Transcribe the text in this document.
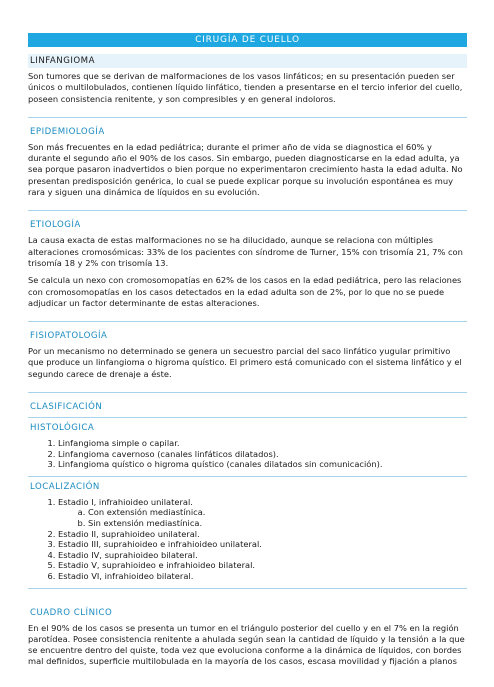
CIRUGÍA DE CUELLO
LINFANGIOMA

Son tumores que se derivan de malformaciones de los vasos linfáticos; en su presentación pueden ser únicos o multilobulados, contienen líquido linfático, tienden a presentarse en el tercio inferior del cuello, poseen consistencia renitente, y son compresibles y en general indoloros.

EPIDEMIOLOGÍA

Son más frecuentes en la edad pediátrica; durante el primer año de vida se diagnostica el 60% y durante el segundo año el 90% de los casos. Sin embargo, pueden diagnosticarse en la edad adulta, ya sea porque pasaron inadvertidos o bien porque no experimentaron crecimiento hasta la edad adulta. No presentan predisposición genérica, lo cual se puede explicar porque su involución espontánea es muy rara y siguen una dinámica de líquidos en su evolución.

ETIOLOGÍA

La causa exacta de estas malformaciones no se ha dilucidado, aunque se relaciona con múltiples alteraciones cromosómicas: 33% de los pacientes con síndrome de Turner, 15% con trisomía 21, 7% con trisomía 18 y 2% con trisomía 13.

Se calcula un nexo con cromosomopatías en 62% de los casos en la edad pediátrica, pero las relaciones con cromosomopatías en los casos detectados en la edad adulta son de 2%, por lo que no se puede adjudicar un factor determinante de estas alteraciones.

FISIOPATOLOGÍA

Por un mecanismo no determinado se genera un secuestro parcial del saco linfático yugular primitivo que produce un linfangioma o higroma quístico. El primero está comunicado con el sistema linfático y el segundo carece de drenaje a éste.

CLASIFICACIÓN
HISTOLÓGICA
1. Linfangioma simple o capilar.
2. Linfangioma cavernoso (canales linfáticos dilatados).
3. Linfangioma quístico o higroma quístico (canales dilatados sin comunicación).
LOCALIZACIÓN
1. Estadio I, infrahioideo unilateral.
a. Con extensión mediastínica.
b. Sin extensión mediastínica.
2. Estadio II, suprahioideo unilateral.
3. Estadio III, suprahioideo e infrahioideo unilateral.
4. Estadio IV, suprahioideo bilateral.
5. Estadio V, suprahioideo e infrahioideo bilateral.
6. Estadio VI, infrahioideo bilateral.
CUADRO CLÍNICO

En el 90% de los casos se presenta un tumor en el triángulo posterior del cuello y en el 7% en la región parotídea. Posee consistencia renitente a ahulada según sean la cantidad de líquido y la tensión a la que se encuentre dentro del quiste, toda vez que evoluciona conforme a la dinámica de líquidos, con bordes mal definidos, superficie multilobulada en la mayoría de los casos, escasa movilidad y fijación a planos
